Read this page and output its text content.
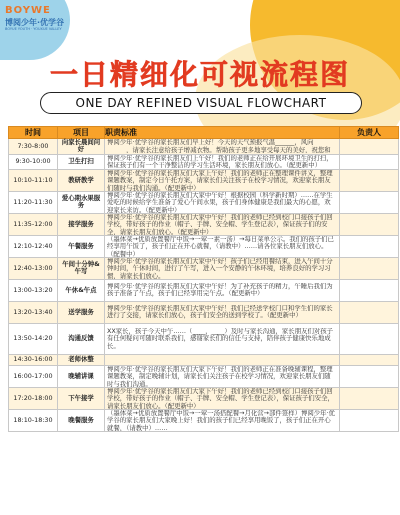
BOYWE
博阅少年·优学谷
BOYUE YOUTH · YOUXUE VALLEY
一日精细化可视流程图
ONE DAY REFINED VISUAL FLOWCHART
时间	项目	职责标准	负责人
7:30-8:00	向家长晨间问好	博阅少年·优学谷的家长朋友们早上好！今天的天气预报气温______，风向______，请家长注意给孩子增减衣物。帮助孩子更多地享受每天的美好，祝您和	

9:30-10:00	卫生打扫	博阅少年·优学谷的家长朋友们上午好！我们的老师正在给开展环境卫生的打扫，保证孩子们有一个干净整洁的学习生活环境，家长朋友们放心。（配更新中）	

10:10-11:10	教研教学	博阅少年·优学谷的家长朋友们大家上午好！我们的老师正在整理课件讲义，整理课题教案，制定今日午托方案，请家长们关注孩子在校学习情况，欢迎家长朋友们随时与我们沟通。（配更新中）	

11:20-11:30	爱心期水果服务	博阅少年·优学谷的家长朋友们大家中午好！根据校园（科学新时期）……在学生爱吃的时候给学生准备了爱心午间水果，孩子们身体健康是我们最大的心愿，欢迎家长来访。（配更新中）	

11:35-12:00	接学服务	博阅少年·优学谷的家长朋友们大家中午好！我们的老师已经到校门口接孩子们回学校，带好孩子的作业（帽子、手牌、安全帽、学生登记表），保证孩子们的安全，请家长朋友们放心。（配更新中）	

12:10-12:40	午餐服务	（墨体菜→优质放置餐厅中饭→一荤一素一汤）→每日菜单公示。我们的孩子们已经享用午饭了，孩子们正在开心就餐，（请教中）……请各位家长朋友们放心。（配餐中）	

12:40-13:00	午间十分钟&午写	博阅少年·优学谷的家长朋友们大家中午好！孩子们已经用餐结束，进入午间十分钟时间，午休时间，进行了午写，进入一个安静的午休环境，培养良好的学习习惯，请家长们放心。	

13:00-13:20	午休&午点	博阅少年·优学谷的家长朋友们大家中午好！为了补充孩子的精力，午睡后我们为孩子准备了午点，孩子们已经享用完午点。（配更新中）	

13:20-13:40	送学服务	博阅少年·优学谷的家长朋友们大家中午好！我们已经送学校门口和学生们的家长进行了交接，请家长们放心，孩子们安全的送到学校了。（配更新中）	

13:50-14:20	沟通反馈	XX家长，孩子今天中午……（____，____）及时与家长沟通，家长朋友们对孩子有任何疑问可随时联系我们，感谢家长们的信任与支持，陪伴孩子健康快乐地成长。	

14:30-16:00	老师休整	

16:00-17:00	晚辅讲课	博阅少年·优学谷的家长朋友们大家下午好！我们的老师正在准备晚辅课程，整理课题教案，制定晚辅计划，请家长们关注孩子在校学习情况，欢迎家长朋友们随时与我们沟通。	

17:20-18:00	下午接学	博阅少年·优学谷的家长朋友们大家下午好！我们的老师已经到校门口接孩子们回学校，带好孩子的作业（帽子、手牌、安全帽、学生登记表），保证孩子们安全，请家长朋友们放心。（配更新中）	

18:10-18:30	晚餐服务	（墨体菜→优质放置餐厅中饭→一荤一汤搭配餐→月化营→部件签样）博阅少年·优学谷的家长朋友们大家晚上好！我们的孩子们已经享用晚饭了，孩子们正在开心就餐，（请教中）……	
